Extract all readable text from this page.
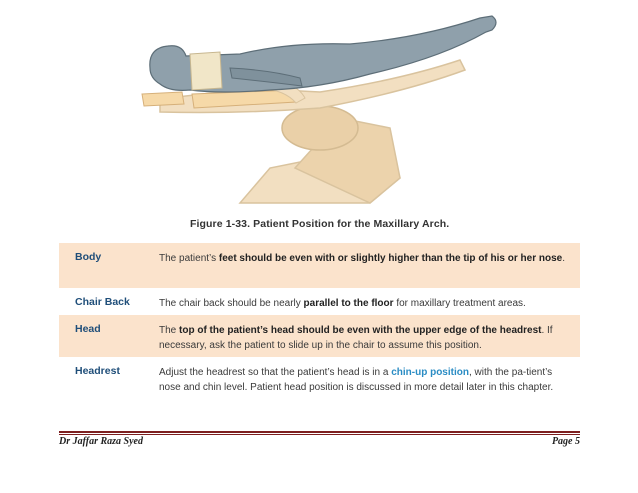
Figure 1-33. Patient Position for the Maxillary Arch.
Body	The patient’s feet should be even with or slightly higher than the tip of his or her nose.
Chair Back	The chair back should be nearly parallel to the floor for maxillary treatment areas.
Head	The top of the patient’s head should be even with the upper edge of the headrest. If necessary, ask the patient to slide up in the chair to assume this position.
Headrest	Adjust the headrest so that the patient’s head is in a chin-up position, with the pa-tient’s nose and chin level. Patient head position is discussed in more detail later in this chapter.
Dr Jaffar Raza Syed	Page 5
